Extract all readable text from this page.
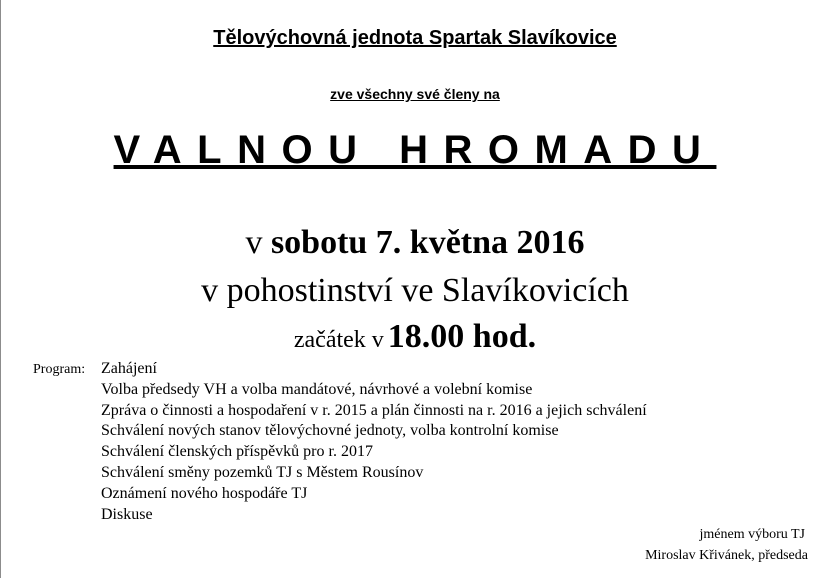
Tělovýchovná jednota Spartak Slavíkovice
zve všechny své členy na
VALNOU HROMADU
v sobotu 7. května 2016
v pohostinství ve Slavíkovicích
začátek v 18.00 hod.
Program: Zahájení
Volba předsedy VH a volba mandátové, návrhové a volební komise
Zpráva o činnosti a hospodaření v r. 2015 a plán činnosti na r. 2016 a jejich schválení
Schválení nových stanov tělovýchovné jednoty, volba kontrolní komise
Schválení členských příspěvků pro r. 2017
Schválení směny pozemků TJ s Městem Rousínov
Oznámení nového hospodáře TJ
Diskuse
jménem výboru TJ
Miroslav Křivánek, předseda
